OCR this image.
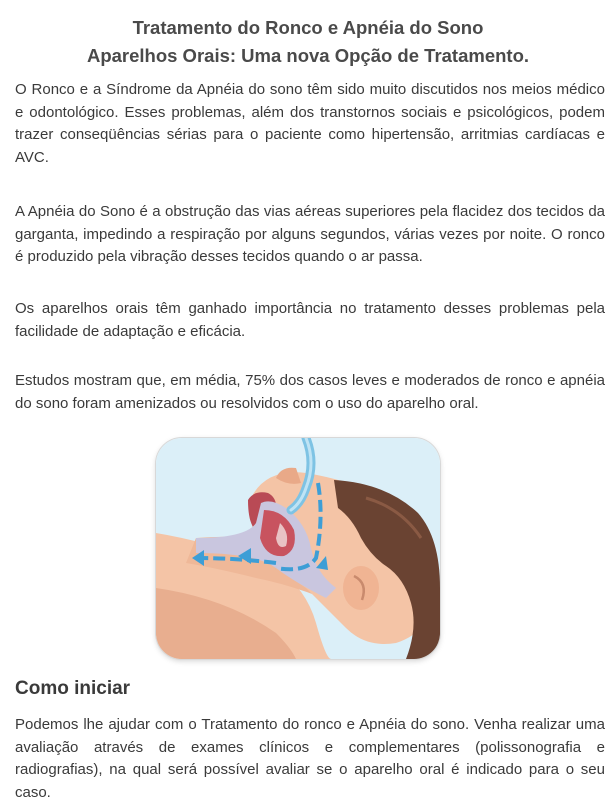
Tratamento do Ronco e Apnéia do Sono
Aparelhos Orais: Uma nova Opção de Tratamento.

O Ronco e a Síndrome da Apnéia do sono têm sido muito discutidos nos meios médico e odontológico. Esses problemas, além dos transtornos sociais e psicológicos, podem trazer conseqüências sérias para o paciente como hipertensão, arritmias cardíacas e AVC.

A Apnéia do Sono é a obstrução das vias aéreas superiores pela flacidez dos tecidos da garganta, impedindo a respiração por alguns segundos, várias vezes por noite. O ronco é produzido pela vibração desses tecidos quando o ar passa.

Os aparelhos orais têm ganhado importância no tratamento desses problemas pela facilidade de adaptação e eficácia.

Estudos mostram que, em média, 75% dos casos leves e moderados de ronco e apnéia do sono foram amenizados ou resolvidos com o uso do aparelho oral.

Como iniciar

Podemos lhe ajudar com o Tratamento do ronco e Apnéia do sono. Venha realizar uma avaliação através de exames clínicos e complementares (polissonografia e radiografias), na qual será possível avaliar se o aparelho oral é indicado para o seu caso.
